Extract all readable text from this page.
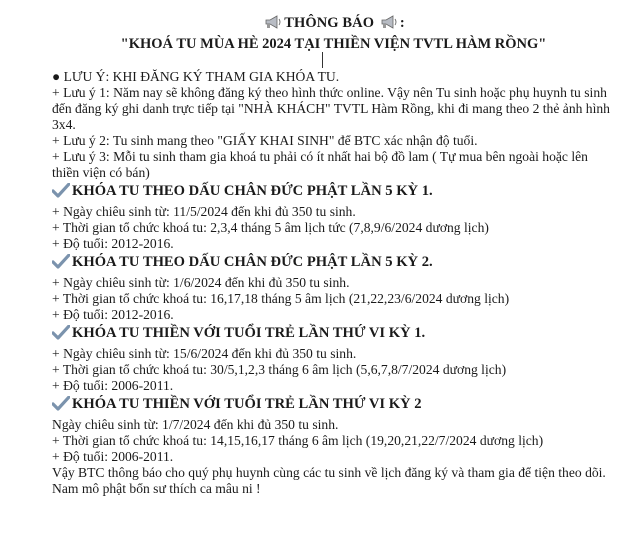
THÔNG BÁO :
"KHOÁ TU MÙA HÈ 2024 TẠI THIỀN VIỆN TVTL HÀM RỒNG"
● LƯU Ý: KHI ĐĂNG KÝ THAM GIA KHÓA TU.
+ Lưu ý 1: Năm nay sẽ không đăng ký theo hình thức online. Vậy nên Tu sinh hoặc phụ huynh tu sinh đến đăng ký ghi danh trực tiếp tại "NHÀ KHÁCH" TVTL Hàm Rồng, khi đi mang theo 2 thẻ ảnh hình 3x4.
+ Lưu ý 2: Tu sinh mang theo "GIẤY KHAI SINH" để BTC xác nhận độ tuổi.
+ Lưu ý 3: Mỗi tu sinh tham gia khoá tu phải có ít nhất hai bộ đồ lam ( Tự mua bên ngoài hoặc lên thiền viện có bán)
KHÓA TU THEO DẤU CHÂN ĐỨC PHẬT LẦN 5 KỲ 1.
+ Ngày chiêu sinh từ: 11/5/2024 đến khi đủ 350 tu sinh.
+ Thời gian tổ chức khoá tu: 2,3,4 tháng 5 âm lịch tức (7,8,9/6/2024 dương lịch)
+ Độ tuổi: 2012-2016.
KHÓA TU THEO DẤU CHÂN ĐỨC PHẬT LẦN 5 KỲ 2.
+ Ngày chiêu sinh từ: 1/6/2024 đến khi đủ 350 tu sinh.
+ Thời gian tổ chức khoá tu: 16,17,18 tháng 5 âm lịch (21,22,23/6/2024 dương lịch)
+ Độ tuổi: 2012-2016.
KHÓA TU THIỀN VỚI TUỔI TRẺ LẦN THỨ VI KỲ 1.
+ Ngày chiêu sinh từ: 15/6/2024 đến khi đủ 350 tu sinh.
+ Thời gian tổ chức khoá tu: 30/5,1,2,3 tháng 6 âm lịch (5,6,7,8/7/2024 dương lịch)
+ Độ tuổi: 2006-2011.
KHÓA TU THIỀN VỚI TUỔI TRẺ LẦN THỨ VI KỲ 2
Ngày chiêu sinh từ: 1/7/2024 đến khi đủ 350 tu sinh.
+ Thời gian tổ chức khoá tu: 14,15,16,17 tháng 6 âm lịch (19,20,21,22/7/2024 dương lịch)
+ Độ tuổi: 2006-2011.
Vậy BTC thông báo cho quý phụ huynh cùng các tu sinh về lịch đăng ký và tham gia để tiện theo dõi.
Nam mô phật bổn sư thích ca mâu ni !
